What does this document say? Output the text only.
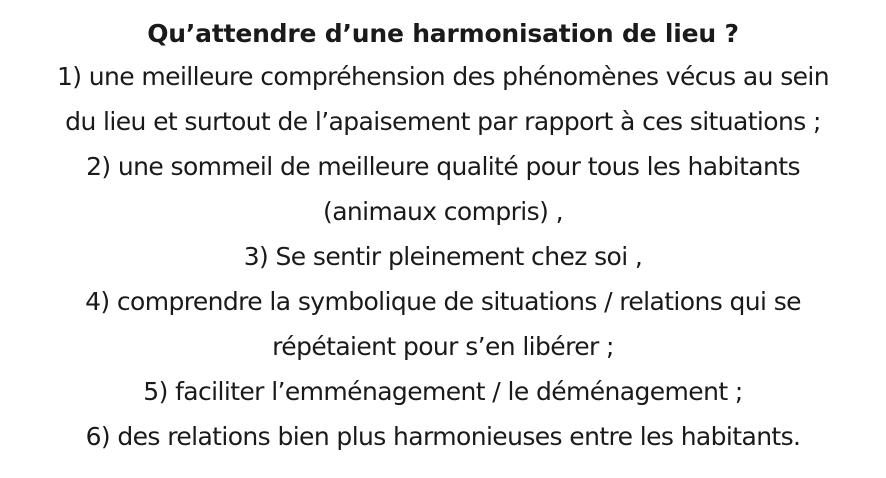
Qu’attendre d’une harmonisation de lieu ?
1) une meilleure compréhension des phénomènes vécus au sein
du lieu et surtout de l’apaisement par rapport à ces situations ;
2) une sommeil de meilleure qualité pour tous les habitants
(animaux compris) ,
3) Se sentir pleinement chez soi ,
4) comprendre la symbolique de situations / relations qui se
répétaient pour s’en libérer ;
5) faciliter l’emménagement / le déménagement ;
6) des relations bien plus harmonieuses entre les habitants.
